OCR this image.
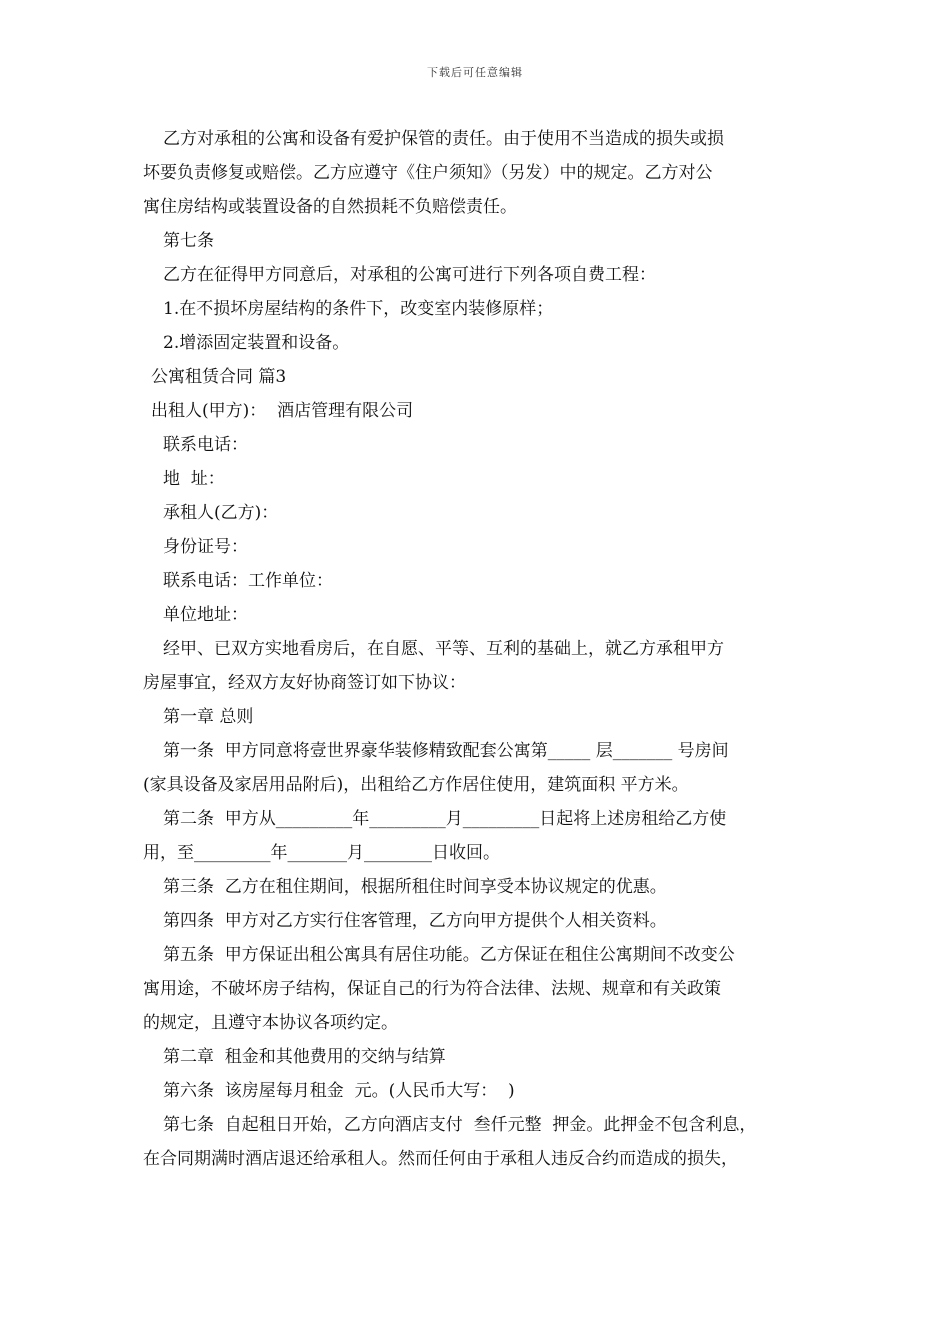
下载后可任意编辑
乙方对承租的公寓和设备有爱护保管的责任。由于使用不当造成的损失或损
坏要负责修复或赔偿。乙方应遵守《住户须知》（另发）中的规定。乙方对公
寓住房结构或装置设备的自然损耗不负赔偿责任。
第七条
乙方在征得甲方同意后，对承租的公寓可进行下列各项自费工程：
1.在不损坏房屋结构的条件下，改变室内装修原样；
2.增添固定装置和设备。
公寓租赁合同 篇3
出租人(甲方)：  酒店管理有限公司
联系电话：
地  址：
承租人(乙方)：
身份证号：
联系电话：工作单位：
单位地址：
经甲、已双方实地看房后，在自愿、平等、互利的基础上，就乙方承租甲方
房屋事宜，经双方友好协商签订如下协议：
第一章 总则
第一条  甲方同意将壹世界豪华装修精致配套公寓第_____ 层_______ 号房间
(家具设备及家居用品附后)，出租给乙方作居住使用，建筑面积 平方米。
第二条  甲方从_________年_________月_________日起将上述房租给乙方使
用，至_________年_______月________日收回。
第三条  乙方在租住期间，根据所租住时间享受本协议规定的优惠。
第四条  甲方对乙方实行住客管理，乙方向甲方提供个人相关资料。
第五条  甲方保证出租公寓具有居住功能。乙方保证在租住公寓期间不改变公
寓用途，不破坏房子结构，保证自己的行为符合法律、法规、规章和有关政策
的规定，且遵守本协议各项约定。
第二章  租金和其他费用的交纳与结算
第六条  该房屋每月租金  元。(人民币大写：  )
第七条  自起租日开始，乙方向酒店支付  叁仟元整  押金。此押金不包含利息，
在合同期满时酒店退还给承租人。然而任何由于承租人违反合约而造成的损失，
